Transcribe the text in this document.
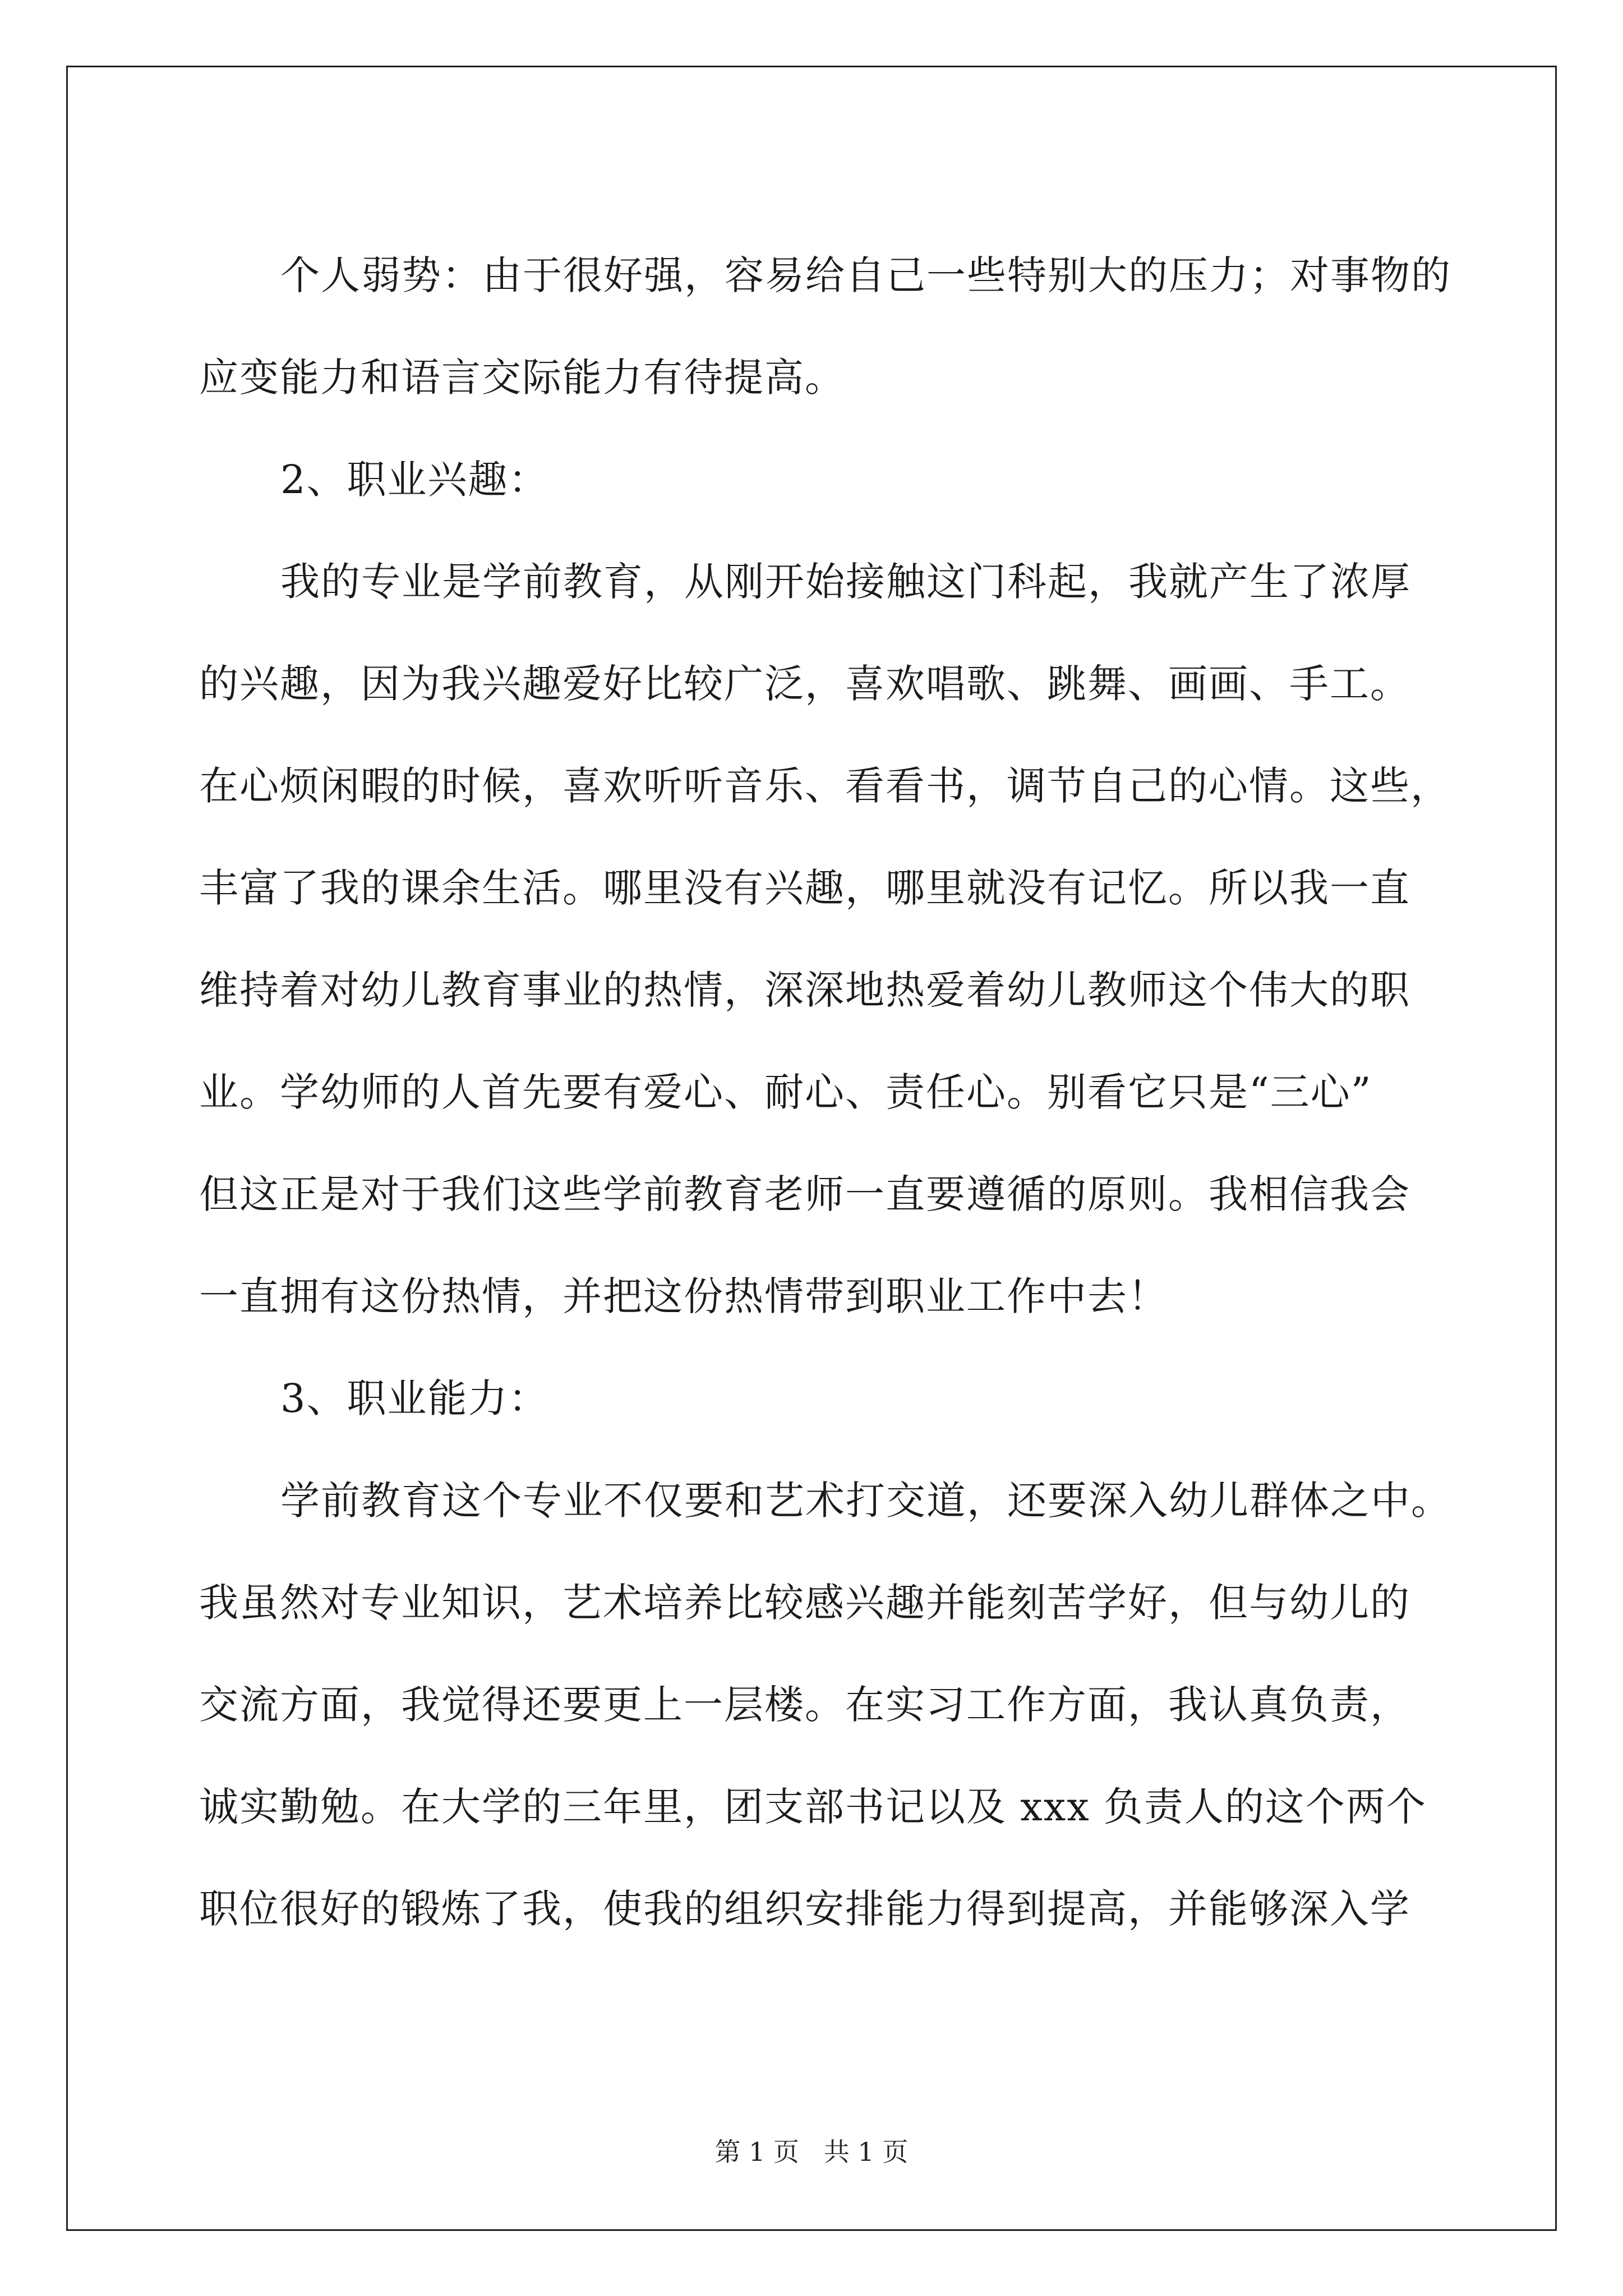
个人弱势：由于很好强，容易给自己一些特别大的压力；对事物的
应变能力和语言交际能力有待提高。
2、职业兴趣：
我的专业是学前教育，从刚开始接触这门科起，我就产生了浓厚
的兴趣，因为我兴趣爱好比较广泛，喜欢唱歌、跳舞、画画、手工。
在心烦闲暇的时候，喜欢听听音乐、看看书，调节自己的心情。这些，
丰富了我的课余生活。哪里没有兴趣，哪里就没有记忆。所以我一直
维持着对幼儿教育事业的热情，深深地热爱着幼儿教师这个伟大的职
业。学幼师的人首先要有爱心、耐心、责任心。别看它只是“三心”
但这正是对于我们这些学前教育老师一直要遵循的原则。我相信我会
一直拥有这份热情，并把这份热情带到职业工作中去！
3、职业能力：
学前教育这个专业不仅要和艺术打交道，还要深入幼儿群体之中。
我虽然对专业知识，艺术培养比较感兴趣并能刻苦学好，但与幼儿的
交流方面，我觉得还要更上一层楼。在实习工作方面，我认真负责，
诚实勤勉。在大学的三年里，团支部书记以及 xxx 负责人的这个两个
职位很好的锻炼了我，使我的组织安排能力得到提高，并能够深入学
第 1 页   共 1 页
